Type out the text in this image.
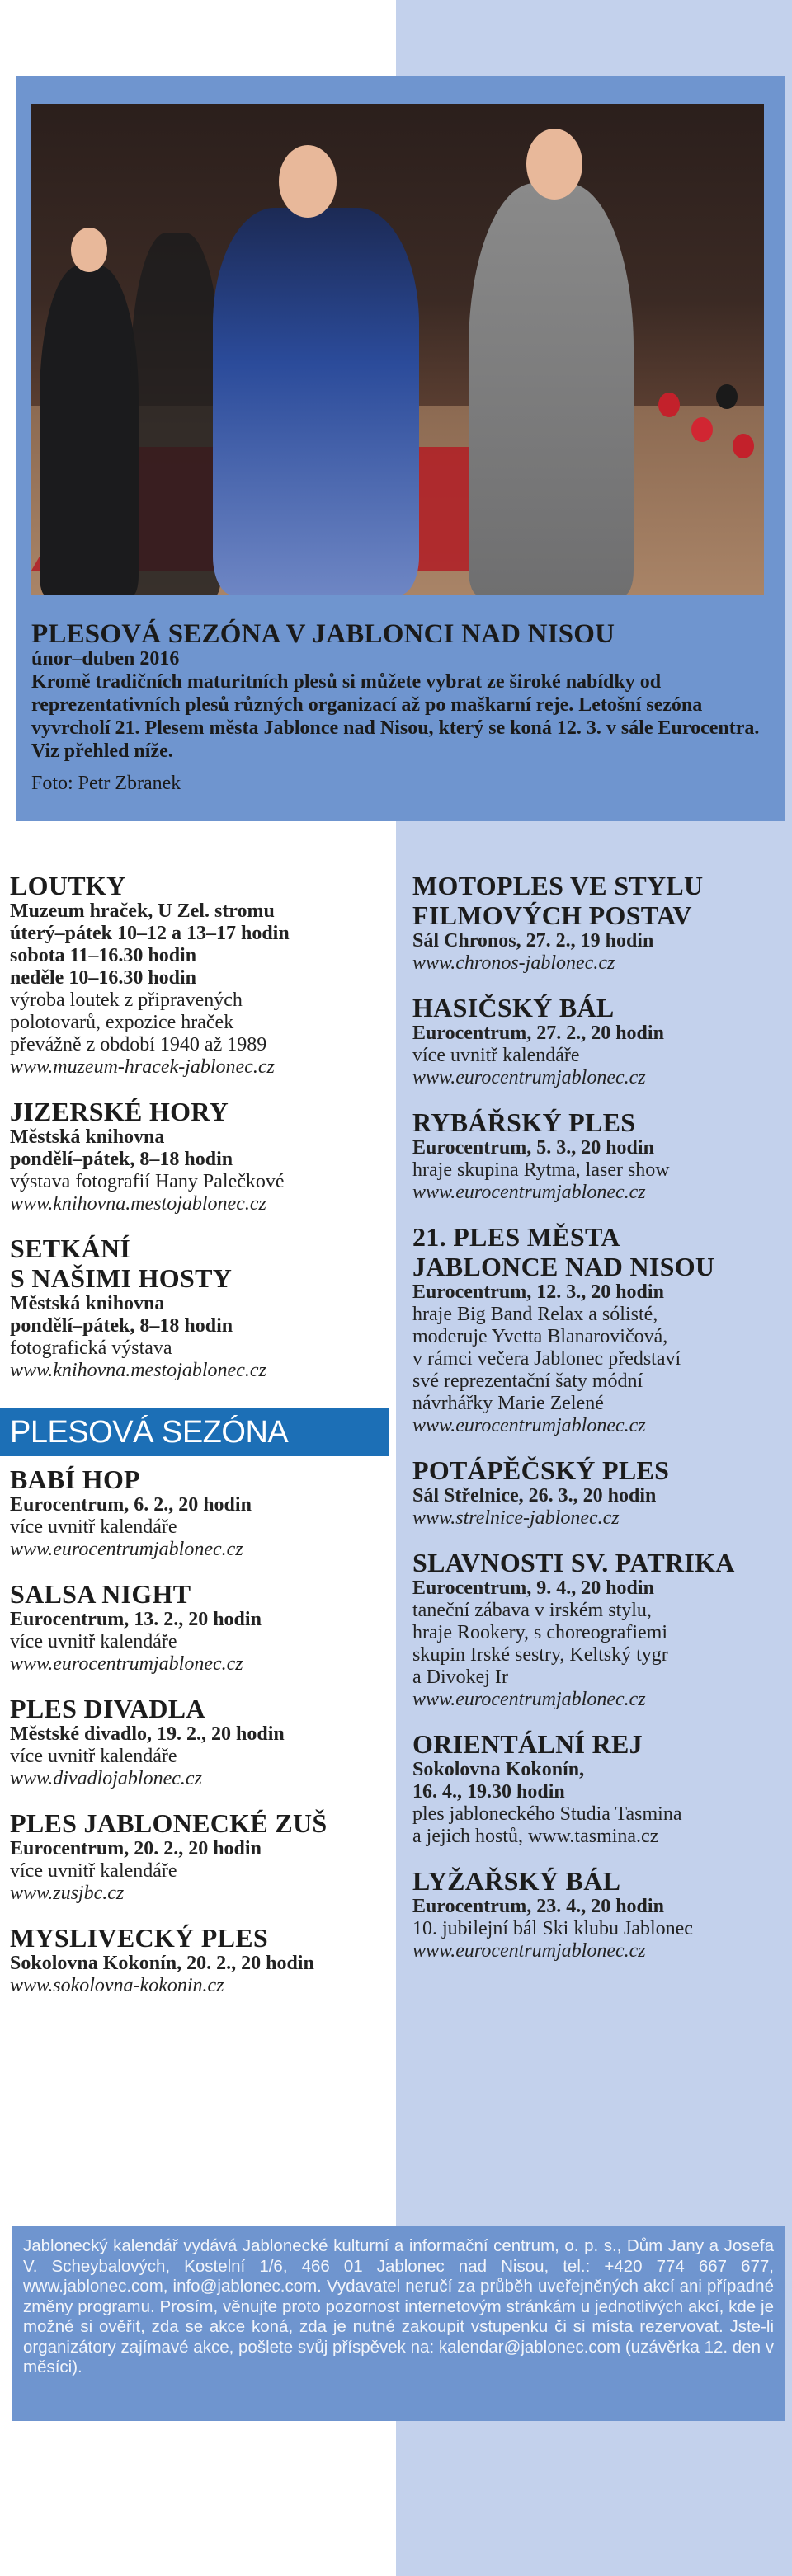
PLESOVÁ SEZÓNA V JABLONCI NAD NISOU
únor–duben 2016
Kromě tradičních maturitních plesů si můžete vybrat ze široké nabídky od reprezentativních plesů různých organizací až po maškarní reje. Letošní sezóna vyvrcholí 21. Plesem města Jablonce nad Nisou, který se koná 12. 3. v sále Eurocentra. Viz přehled níže.
Foto: Petr Zbranek
LOUTKY
Muzeum hraček, U Zel. stromu
úterý–pátek 10–12 a 13–17 hodin
sobota 11–16.30 hodin
neděle 10–16.30 hodin
výroba loutek z připravených
polotovarů, expozice hraček
převážně z období 1940 až 1989
www.muzeum-hracek-jablonec.cz
JIZERSKÉ HORY
Městská knihovna
pondělí–pátek, 8–18 hodin
výstava fotografií Hany Palečkové
www.knihovna.mestojablonec.cz
SETKÁNÍ
S NAŠIMI HOSTY
Městská knihovna
pondělí–pátek, 8–18 hodin
fotografická výstava
www.knihovna.mestojablonec.cz
PLESOVÁ SEZÓNA
BABÍ HOP
Eurocentrum, 6. 2., 20 hodin
více uvnitř kalendáře
www.eurocentrumjablonec.cz
SALSA NIGHT
Eurocentrum, 13. 2., 20 hodin
více uvnitř kalendáře
www.eurocentrumjablonec.cz
PLES DIVADLA
Městské divadlo, 19. 2., 20 hodin
více uvnitř kalendáře
www.divadlojablonec.cz
PLES JABLONECKÉ ZUŠ
Eurocentrum, 20. 2., 20 hodin
více uvnitř kalendáře
www.zusjbc.cz
MYSLIVECKÝ PLES
Sokolovna Kokonín, 20. 2., 20 hodin
www.sokolovna-kokonin.cz
MOTOPLES VE STYLU
FILMOVÝCH POSTAV
Sál Chronos, 27. 2., 19 hodin
www.chronos-jablonec.cz
HASIČSKÝ BÁL
Eurocentrum, 27. 2., 20 hodin
více uvnitř kalendáře
www.eurocentrumjablonec.cz
RYBÁŘSKÝ PLES
Eurocentrum, 5. 3., 20 hodin
hraje skupina Rytma, laser show
www.eurocentrumjablonec.cz
21. PLES MĚSTA
JABLONCE NAD NISOU
Eurocentrum, 12. 3., 20 hodin
hraje Big Band Relax a sólisté,
moderuje Yvetta Blanarovičová,
v rámci večera Jablonec představí
své reprezentační šaty módní
návrhářky Marie Zelené
www.eurocentrumjablonec.cz
POTÁPĚČSKÝ PLES
Sál Střelnice, 26. 3., 20 hodin
www.strelnice-jablonec.cz
SLAVNOSTI SV. PATRIKA
Eurocentrum, 9. 4., 20 hodin
taneční zábava v irském stylu,
hraje Rookery, s choreografiemi
skupin Irské sestry, Keltský tygr
a Divokej Ir
www.eurocentrumjablonec.cz
ORIENTÁLNÍ REJ
Sokolovna Kokonín,
16. 4., 19.30 hodin
ples jabloneckého Studia Tasmina
a jejich hostů, www.tasmina.cz
LYŽAŘSKÝ BÁL
Eurocentrum, 23. 4., 20 hodin
10. jubilejní bál Ski klubu Jablonec
www.eurocentrumjablonec.cz
Jablonecký kalendář vydává Jablonecké kulturní a informační centrum, o. p. s., Dům Jany a Josefa V. Scheybalových, Kostelní 1/6, 466 01 Jablonec nad Nisou, tel.: +420 774 667 677, www.jablonec.com, info@jablonec.com. Vydavatel neručí za průběh uveřejněných akcí ani případné změny programu. Prosím, věnujte proto pozornost internetovým stránkám u jednotlivých akcí, kde je možné si ověřit, zda se akce koná, zda je nutné zakoupit vstupenku či si místa rezervovat. Jste-li organizátory zajímavé akce, pošlete svůj příspěvek na: kalendar@jablonec.com (uzávěrka 12. den v měsíci).
